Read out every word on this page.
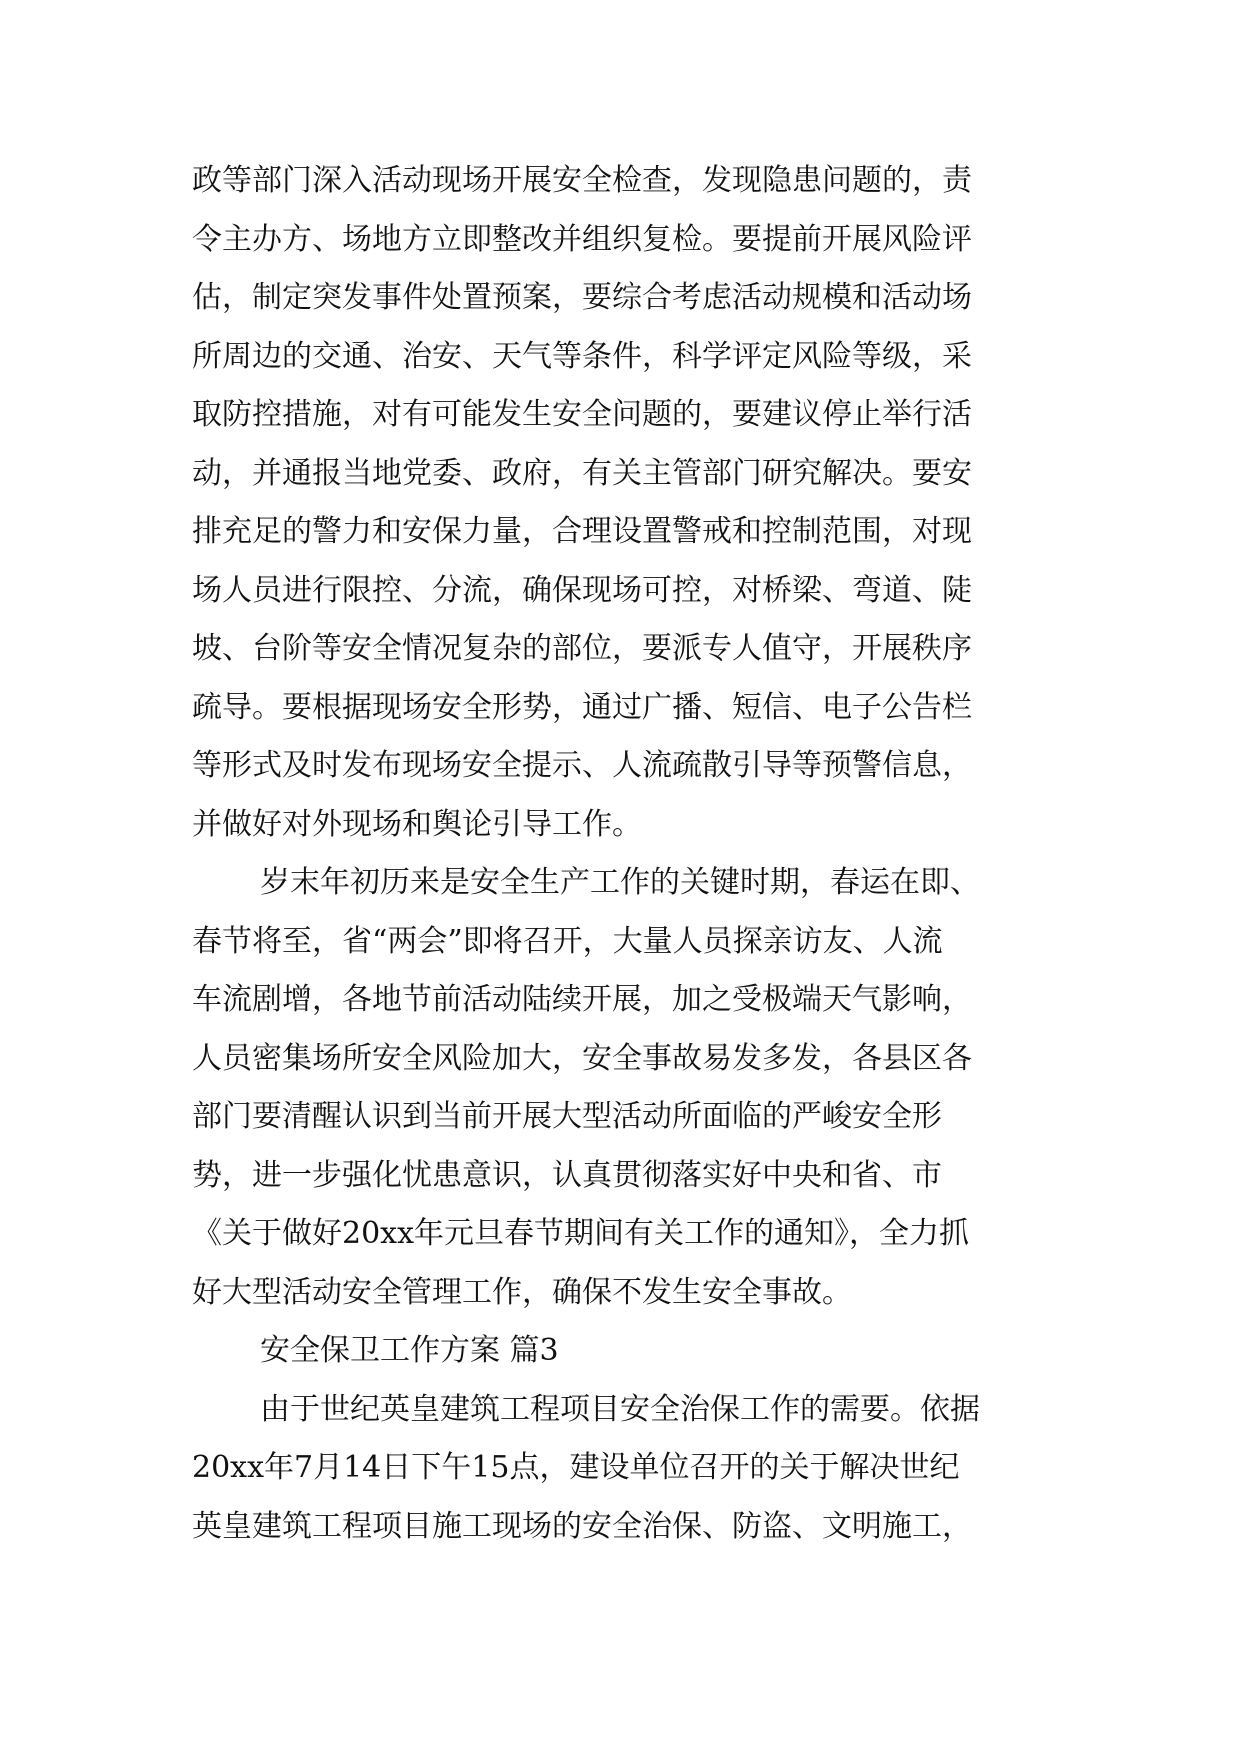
政等部门深入活动现场开展安全检查，发现隐患问题的，责
令主办方、场地方立即整改并组织复检。要提前开展风险评
估，制定突发事件处置预案，要综合考虑活动规模和活动场
所周边的交通、治安、天气等条件，科学评定风险等级，采
取防控措施，对有可能发生安全问题的，要建议停止举行活
动，并通报当地党委、政府，有关主管部门研究解决。要安
排充足的警力和安保力量，合理设置警戒和控制范围，对现
场人员进行限控、分流，确保现场可控，对桥梁、弯道、陡
坡、台阶等安全情况复杂的部位，要派专人值守，开展秩序
疏导。要根据现场安全形势，通过广播、短信、电子公告栏
等形式及时发布现场安全提示、人流疏散引导等预警信息，
并做好对外现场和舆论引导工作。
岁末年初历来是安全生产工作的关键时期，春运在即、
春节将至，省“两会”即将召开，大量人员探亲访友、人流
车流剧增，各地节前活动陆续开展，加之受极端天气影响，
人员密集场所安全风险加大，安全事故易发多发，各县区各
部门要清醒认识到当前开展大型活动所面临的严峻安全形
势，进一步强化忧患意识，认真贯彻落实好中央和省、市
《关于做好20xx年元旦春节期间有关工作的通知》，全力抓
好大型活动安全管理工作，确保不发生安全事故。
安全保卫工作方案 篇3
由于世纪英皇建筑工程项目安全治保工作的需要。依据
20xx年7月14日下午15点，建设单位召开的关于解决世纪
英皇建筑工程项目施工现场的安全治保、防盗、文明施工，
